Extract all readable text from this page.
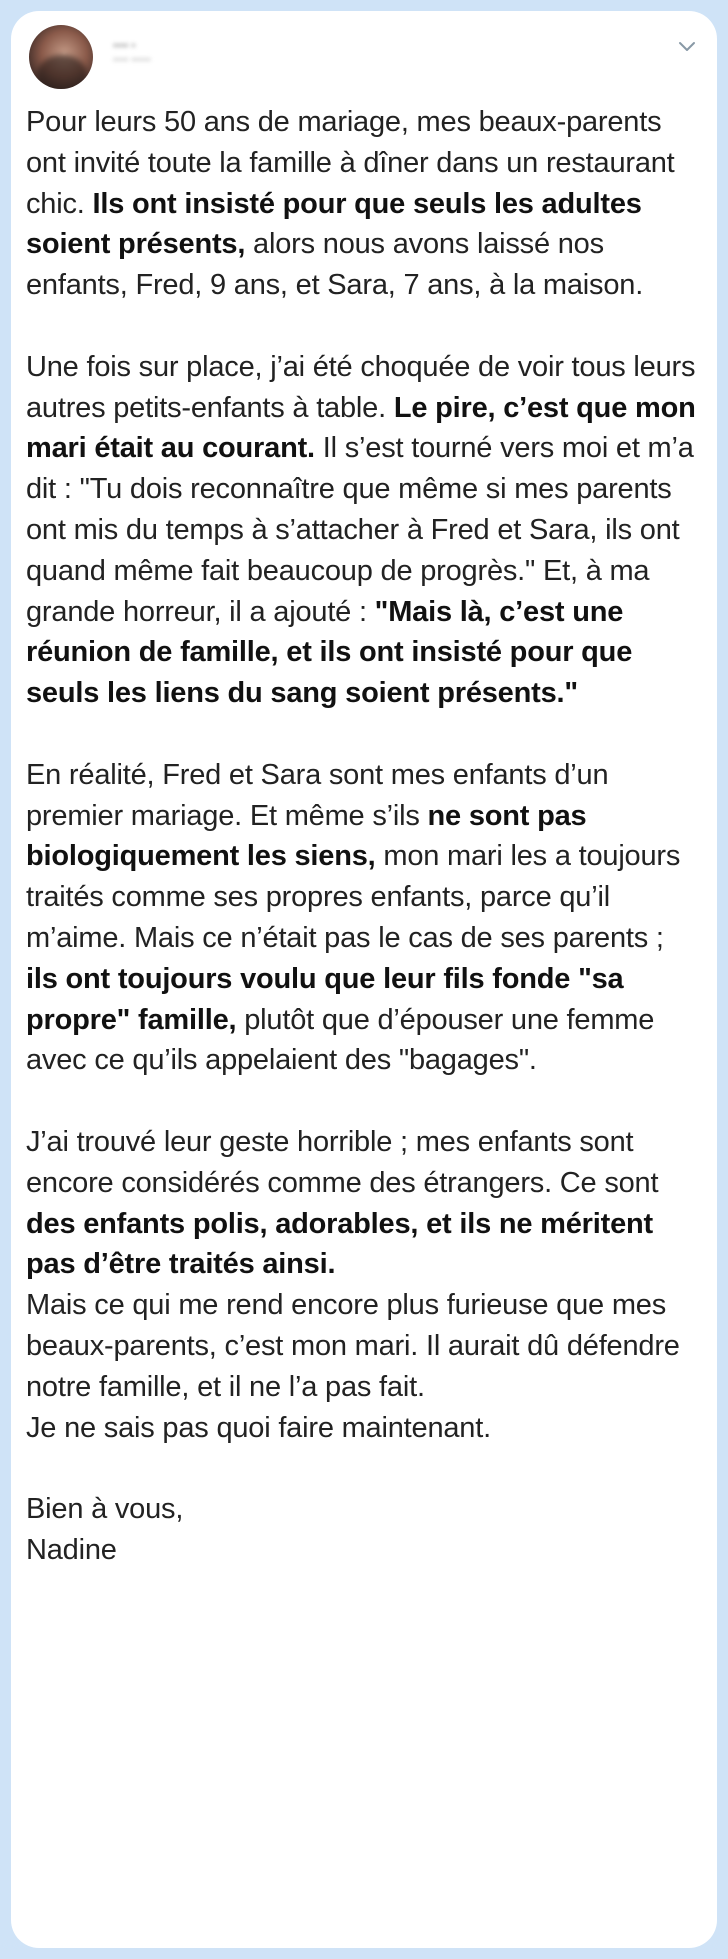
•••• •
•••• •••••

Pour leurs 50 ans de mariage, mes beaux-parents ont invité toute la famille à dîner dans un restaurant chic. Ils ont insisté pour que seuls les adultes soient présents, alors nous avons laissé nos enfants, Fred, 9 ans, et Sara, 7 ans, à la maison.

Une fois sur place, j’ai été choquée de voir tous leurs autres petits-enfants à table. Le pire, c’est que mon mari était au courant. Il s’est tourné vers moi et m’a dit : "Tu dois reconnaître que même si mes parents ont mis du temps à s’attacher à Fred et Sara, ils ont quand même fait beaucoup de progrès." Et, à ma grande horreur, il a ajouté : "Mais là, c’est une réunion de famille, et ils ont insisté pour que seuls les liens du sang soient présents."

En réalité, Fred et Sara sont mes enfants d’un premier mariage. Et même s’ils ne sont pas biologiquement les siens, mon mari les a toujours traités comme ses propres enfants, parce qu’il m’aime. Mais ce n’était pas le cas de ses parents ; ils ont toujours voulu que leur fils fonde "sa propre" famille, plutôt que d’épouser une femme avec ce qu’ils appelaient des "bagages".

J’ai trouvé leur geste horrible ; mes enfants sont encore considérés comme des étrangers. Ce sont des enfants polis, adorables, et ils ne méritent pas d’être traités ainsi.

Mais ce qui me rend encore plus furieuse que mes beaux-parents, c’est mon mari. Il aurait dû défendre notre famille, et il ne l’a pas fait.

Je ne sais pas quoi faire maintenant.

Bien à vous,

Nadine
